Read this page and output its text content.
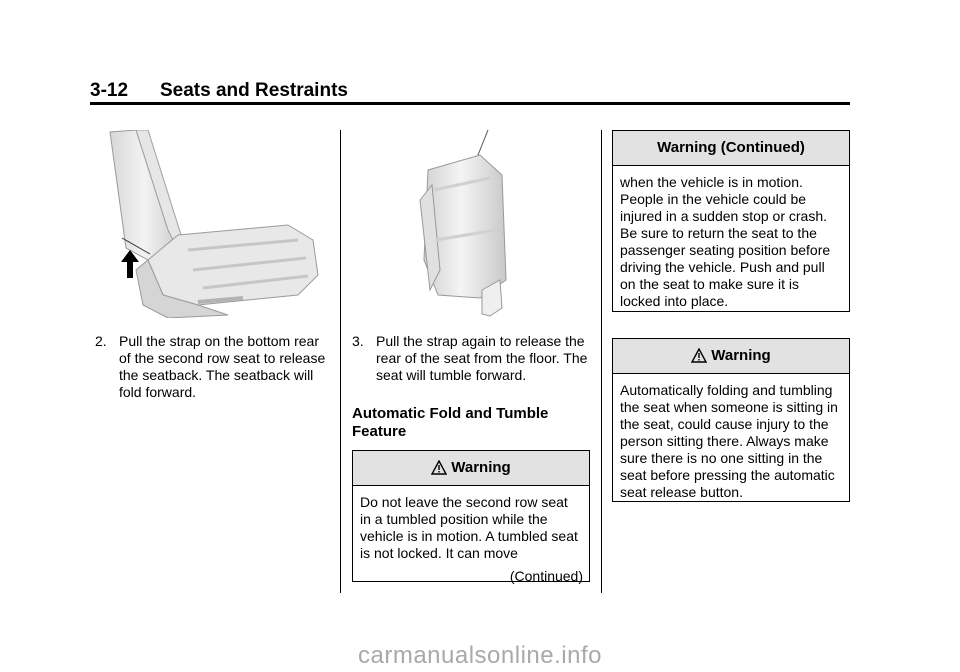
3-12 Seats and Restraints
2. Pull the strap on the bottom rear of the second row seat to release the seatback. The seatback will fold forward.
3. Pull the strap again to release the rear of the seat from the floor. The seat will tumble forward.
Automatic Fold and Tumble Feature
Warning
Do not leave the second row seat in a tumbled position while the vehicle is in motion. A tumbled seat is not locked. It can move
(Continued)
Warning (Continued)
when the vehicle is in motion. People in the vehicle could be injured in a sudden stop or crash. Be sure to return the seat to the passenger seating position before driving the vehicle. Push and pull on the seat to make sure it is locked into place.
Warning
Automatically folding and tumbling the seat when someone is sitting in the seat, could cause injury to the person sitting there. Always make sure there is no one sitting in the seat before pressing the automatic seat release button.
carmanualsonline.info
